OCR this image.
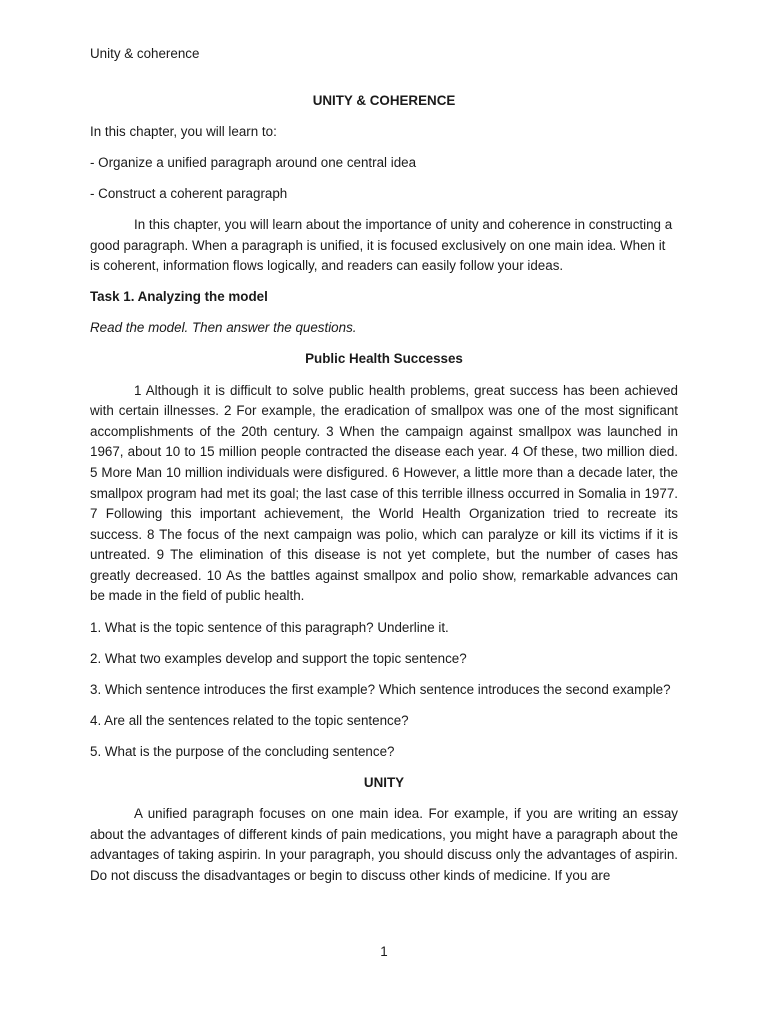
Unity & coherence
UNITY & COHERENCE
In this chapter, you will learn to:
- Organize a unified paragraph around one central idea
- Construct a coherent paragraph
In this chapter, you will learn about the importance of unity and coherence in constructing a good paragraph. When a paragraph is unified, it is focused exclusively on one main idea. When it is coherent, information flows logically, and readers can easily follow your ideas.
Task 1. Analyzing the model
Read the model. Then answer the questions.
Public Health Successes
1 Although it is difficult to solve public health problems, great success has been achieved with certain illnesses. 2 For example, the eradication of smallpox was one of the most significant accomplishments of the 20th century. 3 When the campaign against smallpox was launched in 1967, about 10 to 15 million people contracted the disease each year. 4 Of these, two million died. 5 More Man 10 million individuals were disfigured. 6 However, a little more than a decade later, the smallpox program had met its goal; the last case of this terrible illness occurred in Somalia in 1977. 7 Following this important achievement, the World Health Organization tried to recreate its success. 8 The focus of the next campaign was polio, which can paralyze or kill its victims if it is untreated. 9 The elimination of this disease is not yet complete, but the number of cases has greatly decreased. 10 As the battles against smallpox and polio show, remarkable advances can be made in the field of public health.
1. What is the topic sentence of this paragraph? Underline it.
2. What two examples develop and support the topic sentence?
3. Which sentence introduces the first example? Which sentence introduces the second example?
4. Are all the sentences related to the topic sentence?
5. What is the purpose of the concluding sentence?
UNITY
A unified paragraph focuses on one main idea. For example, if you are writing an essay about the advantages of different kinds of pain medications, you might have a paragraph about the advantages of taking aspirin. In your paragraph, you should discuss only the advantages of aspirin. Do not discuss the disadvantages or begin to discuss other kinds of medicine. If you are
1
